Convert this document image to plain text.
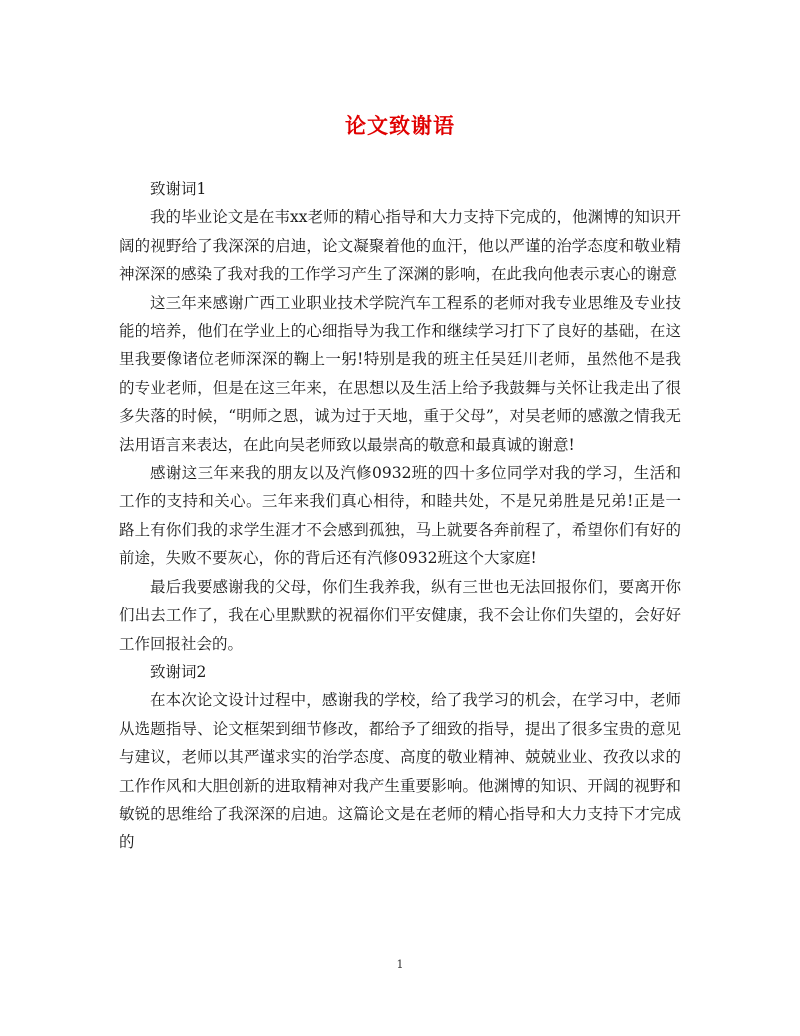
论文致谢语

致谢词1

我的毕业论文是在韦xx老师的精心指导和大力支持下完成的，他渊博的知识开阔的视野给了我深深的启迪，论文凝聚着他的血汗，他以严谨的治学态度和敬业精神深深的感染了我对我的工作学习产生了深渊的影响，在此我向他表示衷心的谢意

这三年来感谢广西工业职业技术学院汽车工程系的老师对我专业思维及专业技能的培养，他们在学业上的心细指导为我工作和继续学习打下了良好的基础，在这里我要像诸位老师深深的鞠上一躬!特别是我的班主任吴廷川老师，虽然他不是我的专业老师，但是在这三年来，在思想以及生活上给予我鼓舞与关怀让我走出了很多失落的时候，“明师之恩，诚为过于天地，重于父母”，对吴老师的感激之情我无法用语言来表达，在此向吴老师致以最崇高的敬意和最真诚的谢意!

感谢这三年来我的朋友以及汽修0932班的四十多位同学对我的学习，生活和工作的支持和关心。三年来我们真心相待，和睦共处，不是兄弟胜是兄弟!正是一路上有你们我的求学生涯才不会感到孤独，马上就要各奔前程了，希望你们有好的前途，失败不要灰心，你的背后还有汽修0932班这个大家庭!

最后我要感谢我的父母，你们生我养我，纵有三世也无法回报你们，要离开你们出去工作了，我在心里默默的祝福你们平安健康，我不会让你们失望的，会好好工作回报社会的。

致谢词2

在本次论文设计过程中，感谢我的学校，给了我学习的机会，在学习中，老师从选题指导、论文框架到细节修改，都给予了细致的指导，提出了很多宝贵的意见与建议，老师以其严谨求实的治学态度、高度的敬业精神、兢兢业业、孜孜以求的工作作风和大胆创新的进取精神对我产生重要影响。他渊博的知识、开阔的视野和敏锐的思维给了我深深的启迪。这篇论文是在老师的精心指导和大力支持下才完成的

1
